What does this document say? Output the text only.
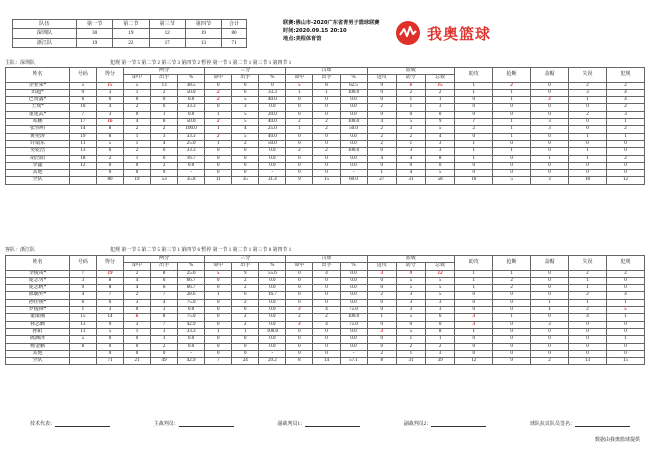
队伍	第一节	第二节	第三节	第四节	合计
深圳队	30	19	12	19	80
浙江队	19	22	17	13	71
联赛:佛山市-2020广东省青男子篮球联赛
时间:2020.09.15 20:10
地点:美程体育馆	我奥篮球
主队：深圳队	犯规 第一节 5 第二节 2 第三节 3 第四节 2 暂停 第一节 1 第二节 1 第三节 1 第四节 1
姓名	号码	得分	两分			三分			罚球			篮板			助攻	抢断	盖帽	失误	犯规
			命中	出手	%	命中	出手	%	命中	出手	%	进攻	防守	总数					
企业荣*	5	15	5	13	38.5	0	0	0	5	8	62.5	9	6	15	1	2	0	2	2
田超*	9	3	1	2	50.0	2	6	33.3	1	1	100.0	0	2	2	1	1	0	3	4
巴赞鑫*	6	6	0	0	0.0	2	5	40.0	0	0	0.0	0	1	1	0	1	3	1	4
王璞*	10	4	2	6	33.3	0	3	0.0	0	0	0.0	2	1	3	0	0	0	0	2
董建武*	7	3	0	1	0.0	1	5	20.0	0	0	0.0	0	0	0	0	0	0	2	3
邓鹏	17	16	4	8	50.0	2	5	40.0	2	2	100.0	4	5	9	7	1	3	0	1
张伟明	14	8	2	2	100.0	1	4	25.0	1	2	50.0	2	3	5	2	1	3	0	2
黄奕涛	19	8	1	3	33.3	2	5	40.0	0	0	0.0	2	2	4	0	1	0	1	1
许瑞东	11	5	1	4	25.0	1	2	50.0	0	0	0.0	2	1	3	1	0	0	0	0
吴乾浩	13	6	2	6	33.3	0	0	0.0	2	2	100.0	0	3	3	1	1	0	1	0
胡浩阳	18	2	1	6	16.7	0	0	0.0	0	0	0.0	4	4	8	1	0	1	1	2
李鑫	12	0	0	2	0.0	0	0	0.0	0	0	0.0	0	0	0	0	0	0	0	0
其他		0	0	0	-	0	0	-	0	0	-	1	4	5	0	0	0	0	0
全队		80	19	53	35.8	11	35	31.4	9	15	60.0	27	31	58	16	5	3	18	12
客队：浙江队	犯规 第一节 5 第二节 5 第三节 1 第四节 6 暂停 第一节 1 第二节 1 第三节 0 第四节 1
姓名	号码	得分	两分			三分			罚球			篮板			助攻	抢断	盖帽	失误	犯规
			命中	出手	%	命中	出手	%	命中	出手	%	进攻	防守	总数					
李俊哥*	7	19	2	8	25.0	5	9	55.6	0	4	0.0	3	9	12	1	1	0	2	2
庞志男*	3	8	4	6	66.7	0	2	0.0	0	0	0.0	0	5	5	1	2	0	1	0
庞志帆*	9	8	4	6	66.7	0	2	0.0	0	0	0.0	0	5	5	1	2	0	1	0
陈璐羿*	4	7	2	7	28.6	1	6	16.7	0	0	0.0	2	3	5	0	0	0	2	4
孙佳谨*	6	6	3	4	75.0	0	2	0.0	0	0	0.0	0	3	3	0	0	1	1	1
罗俊锋*	1	3	0	3	0.0	0	0	0.0	3	4	75.0	0	3	3	0	0	1	2	5
董康湘	15	14	6	8	75.0	0	2	0.0	2	2	100.0	1	5	6	3	1	0	4	1
林志麒	13	9	3	7	42.9	0	2	0.0	3	4	75.0	0	0	0	3	0	3	0	0
孙阳	11	5	1	3	33.3	1	1	100.0	0	0	0.0	3	5	8	1	0	0	0	0
陈渊泽	5	0	0	1	0.0	0	0	0.0	0	0	0.0	0	1	1	0	0	0	0	1
杨金鹏	8	0	0	2	0.0	0	0	0.0	0	0	0.0	0	2	2	0	0	0	0	0
其他		0	0	0	-	0	0	-	0	0	-	2	1	3	0	0	0	0	0
全队		71	21	49	42.9	7	24	29.2	8	14	57.1	8	31	39	12	9	2	13	15
技术代表：	主裁判员：	副裁判员1：	副裁判员2：	球队抗议队员签名：
数据由我奥篮球提供
